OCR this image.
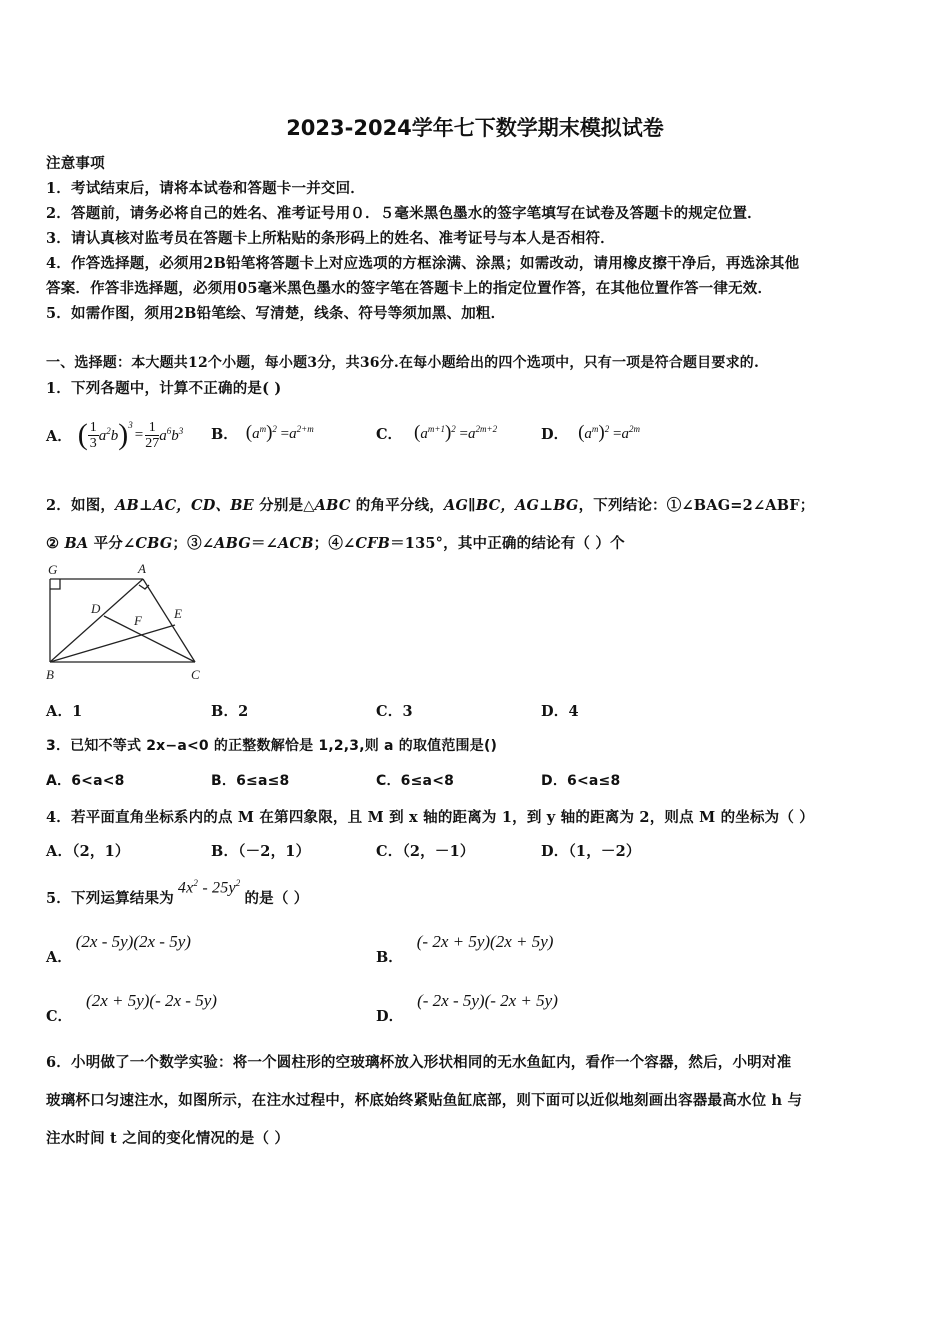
2023-2024学年七下数学期末模拟试卷
注意事项
1．考试结束后，请将本试卷和答题卡一并交回．
2．答题前，请务必将自己的姓名、准考证号用０．５毫米黑色墨水的签字笔填写在试卷及答题卡的规定位置．
3．请认真核对监考员在答题卡上所粘贴的条形码上的姓名、准考证号与本人是否相符．
4．作答选择题，必须用2B铅笔将答题卡上对应选项的方框涂满、涂黑；如需改动，请用橡皮擦干净后，再选涂其他
答案．作答非选择题，必须用05毫米黑色墨水的签字笔在答题卡上的指定位置作答，在其他位置作答一律无效．
5．如需作图，须用2B铅笔绘、写清楚，线条、符号等须加黑、加粗．
一、选择题：本大题共12个小题，每小题3分，共36分.在每小题给出的四个选项中，只有一项是符合题目要求的.
1．下列各题中，计算不正确的是( )
A． ( $\frac{1}{3} a^2b$ )$^3$
= $\frac{1}{27} a^6b^3$ B． $(a^m)^2 =a^{2+m}$	C． $(a^{m+1})^2 =a^{2m+2}$	D． $(a^m)^2 =a^{2m}$
2．如图，AB⊥AC，CD、BE 分别是△ABC 的角平分线，AG∥BC，AG⊥BG，下列结论：①∠BAG=2∠ABF；
② BA 平分∠CBG；③∠ABG＝∠ACB；④∠CFB＝135°，其中正确的结论有（ ）个
G	A
D
F E
B	C
A．1	B．2	C．3	D．4
3．已知不等式 2x−a<0 的正整数解恰是 1,2,3,则 a 的取值范围是()
A．6<a<8	B．6≤a≤8	C．6≤a<8	D．6<a≤8
4．若平面直角坐标系内的点 M 在第四象限，且 M 到 x 轴的距离为 1，到 y 轴的距离为 2，则点 M 的坐标为（ ）
A．（2，1）	B．（－2，1）	C．（2，－1）	D．（1，－2）
5．下列运算结果为
$4x^2 - 25y^2$
的是（ ）
A．
(2x - 5y)(2x - 5y)
B．
(- 2x + 5y)(2x + 5y)
C．
(2x + 5y)(- 2x - 5y)
D．
(- 2x - 5y)(- 2x + 5y)
6．小明做了一个数学实验：将一个圆柱形的空玻璃杯放入形状相同的无水鱼缸内，看作一个容器，然后，小明对准
玻璃杯口匀速注水，如图所示，在注水过程中，杯底始终紧贴鱼缸底部，则下面可以近似地刻画出容器最高水位 h 与
注水时间 t 之间的变化情况的是（ ）
